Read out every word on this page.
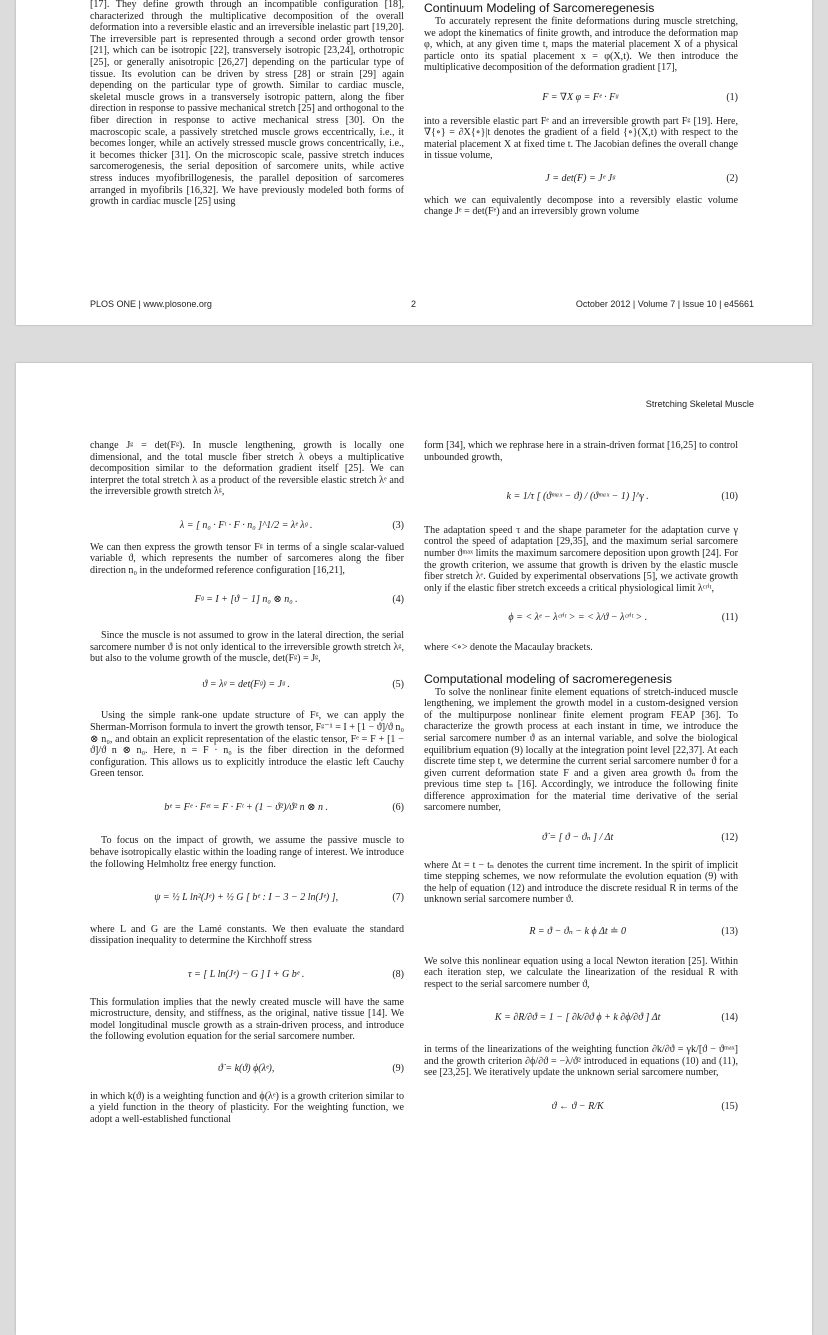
[17]. They define growth through an incompatible configuration [18], characterized through the multiplicative decomposition of the overall deformation into a reversible elastic and an irreversible inelastic part [19,20]. The irreversible part is represented through a second order growth tensor [21], which can be isotropic [22], transversely isotropic [23,24], orthotropic [25], or generally anisotropic [26,27] depending on the particular type of tissue. Its evolution can be driven by stress [28] or strain [29] again depending on the particular type of growth. Similar to cardiac muscle, skeletal muscle grows in a transversely isotropic pattern, along the fiber direction in response to passive mechanical stretch [25] and orthogonal to the fiber direction in response to active mechanical stress [30]. On the macroscopic scale, a passively stretched muscle grows eccentrically, i.e., it becomes longer, while an actively stressed muscle grows concentrically, i.e., it becomes thicker [31]. On the microscopic scale, passive stretch induces sarcomerogenesis, the serial deposition of sarcomere units, while active stress induces myofibrillogenesis, the parallel deposition of sarcomeres arranged in myofibrils [16,32]. We have previously modeled both forms of growth in cardiac muscle [25] using

Continuum Modeling of Sarcomeregenesis

To accurately represent the finite deformations during muscle stretching, we adopt the kinematics of finite growth, and introduce the deformation map φ, which, at any given time t, maps the material placement X of a physical particle onto its spatial placement x = φ(X,t). We then introduce the multiplicative decomposition of the deformation gradient [17],

F = ∇X φ = Fᵉ · Fᵍ	(1)

into a reversible elastic part Fᵉ and an irreversible growth part Fᵍ [19]. Here, ∇{∘} = ∂X{∘}|t denotes the gradient of a field {∘}(X,t) with respect to the material placement X at fixed time t. The Jacobian defines the overall change in tissue volume,

J = det(F) = Jᵉ Jᵍ	(2)

which we can equivalently decompose into a reversibly elastic volume change Jᵉ = det(Fᵉ) and an irreversibly grown volume

PLOS ONE | www.plosone.org	2	October 2012 | Volume 7 | Issue 10 | e45661
Stretching Skeletal Muscle

change Jᵍ = det(Fᵍ). In muscle lengthening, growth is locally one dimensional, and the total muscle fiber stretch λ obeys a multiplicative decomposition similar to the deformation gradient itself [25]. We can interpret the total stretch λ as a product of the reversible elastic stretch λᵉ and the irreversible growth stretch λᵍ,

λ = [ n₀ · Fᵗ · F · n₀ ]^1/2 = λᵉ λᵍ .	(3)

We can then express the growth tensor Fᵍ in terms of a single scalar-valued variable ϑ, which represents the number of sarcomeres along the fiber direction n₀ in the undeformed reference configuration [16,21],

Fᵍ = I + [ϑ − 1] n₀ ⊗ n₀ .	(4)

Since the muscle is not assumed to grow in the lateral direction, the serial sarcomere number ϑ is not only identical to the irreversible growth stretch λᵍ, but also to the volume growth of the muscle, det(Fᵍ) = Jᵍ,

ϑ = λᵍ = det(Fᵍ) = Jᵍ .	(5)

Using the simple rank-one update structure of Fᵍ, we can apply the Sherman-Morrison formula to invert the growth tensor, Fᵍ⁻¹ = I + [1 − ϑ]/ϑ n₀ ⊗ n₀, and obtain an explicit representation of the elastic tensor, Fᵉ = F + [1 − ϑ]/ϑ n ⊗ n₀. Here, n = F · n₀ is the fiber direction in the deformed configuration. This allows us to explicitly introduce the elastic left Cauchy Green tensor.

bᵉ = Fᵉ · Fᵉᵗ = F · Fᵗ + (1 − ϑ²)/ϑ² n ⊗ n .	(6)

To focus on the impact of growth, we assume the passive muscle to behave isotropically elastic within the loading range of interest. We introduce the following Helmholtz free energy function.

ψ = ½ L ln²(Jᵉ) + ½ G [ bᵉ : I − 3 − 2 ln(Jᵉ) ],	(7)

where L and G are the Lamé constants. We then evaluate the standard dissipation inequality to determine the Kirchhoff stress

τ = [ L ln(Jᵉ) − G ] I + G bᵉ .	(8)

This formulation implies that the newly created muscle will have the same microstructure, density, and stiffness, as the original, native tissue [14]. We model longitudinal muscle growth as a strain-driven process, and introduce the following evolution equation for the serial sarcomere number.

ϑ̇ = k(ϑ) ϕ(λᵉ),	(9)

in which k(ϑ) is a weighting function and ϕ(λᵉ) is a growth criterion similar to a yield function in the theory of plasticity. For the weighting function, we adopt a well-established functional

form [34], which we rephrase here in a strain-driven format [16,25] to control unbounded growth,

k = 1/τ [ (ϑᵐᵃˣ − ϑ) / (ϑᵐᵃˣ − 1) ]^γ .	(10)

The adaptation speed τ and the shape parameter for the adaptation curve γ control the speed of adaptation [29,35], and the maximum serial sarcomere number ϑᵐᵃˣ limits the maximum sarcomere deposition upon growth [24]. For the growth criterion, we assume that growth is driven by the elastic muscle fiber stretch λᵉ. Guided by experimental observations [5], we activate growth only if the elastic fiber stretch exceeds a critical physiological limit λᶜʳⁱᵗ,

ϕ = < λᵉ − λᶜʳⁱᵗ > = < λ/ϑ − λᶜʳⁱᵗ > .	(11)

where <∘> denote the Macaulay brackets.

Computational modeling of sacromeregenesis

To solve the nonlinear finite element equations of stretch-induced muscle lengthening, we implement the growth model in a custom-designed version of the multipurpose nonlinear finite element program FEAP [36]. To characterize the growth process at each instant in time, we introduce the serial sarcomere number ϑ as an internal variable, and solve the biological equilibrium equation (9) locally at the integration point level [22,37]. At each discrete time step t, we determine the current serial sarcomere number ϑ for a given current deformation state F and a given area growth ϑₙ from the previous time step tₙ [16]. Accordingly, we introduce the following finite difference approximation for the material time derivative of the serial sarcomere number,

ϑ̇ = [ ϑ − ϑₙ ] / Δt	(12)

where Δt = t − tₙ denotes the current time increment. In the spirit of implicit time stepping schemes, we now reformulate the evolution equation (9) with the help of equation (12) and introduce the discrete residual R in terms of the unknown serial sarcomere number ϑ.

R = ϑ − ϑₙ − k ϕ Δt ≐ 0	(13)

We solve this nonlinear equation using a local Newton iteration [25]. Within each iteration step, we calculate the linearization of the residual R with respect to the serial sarcomere number ϑ,

K = ∂R/∂ϑ = 1 − [ ∂k/∂ϑ ϕ + k ∂ϕ/∂ϑ ] Δt	(14)

in terms of the linearizations of the weighting function ∂k/∂ϑ = γk/[ϑ − ϑᵐᵃˣ] and the growth criterion ∂ϕ/∂ϑ = −λ/ϑ² introduced in equations (10) and (11), see [23,25]. We iteratively update the unknown serial sarcomere number,

ϑ ← ϑ − R/K	(15)
